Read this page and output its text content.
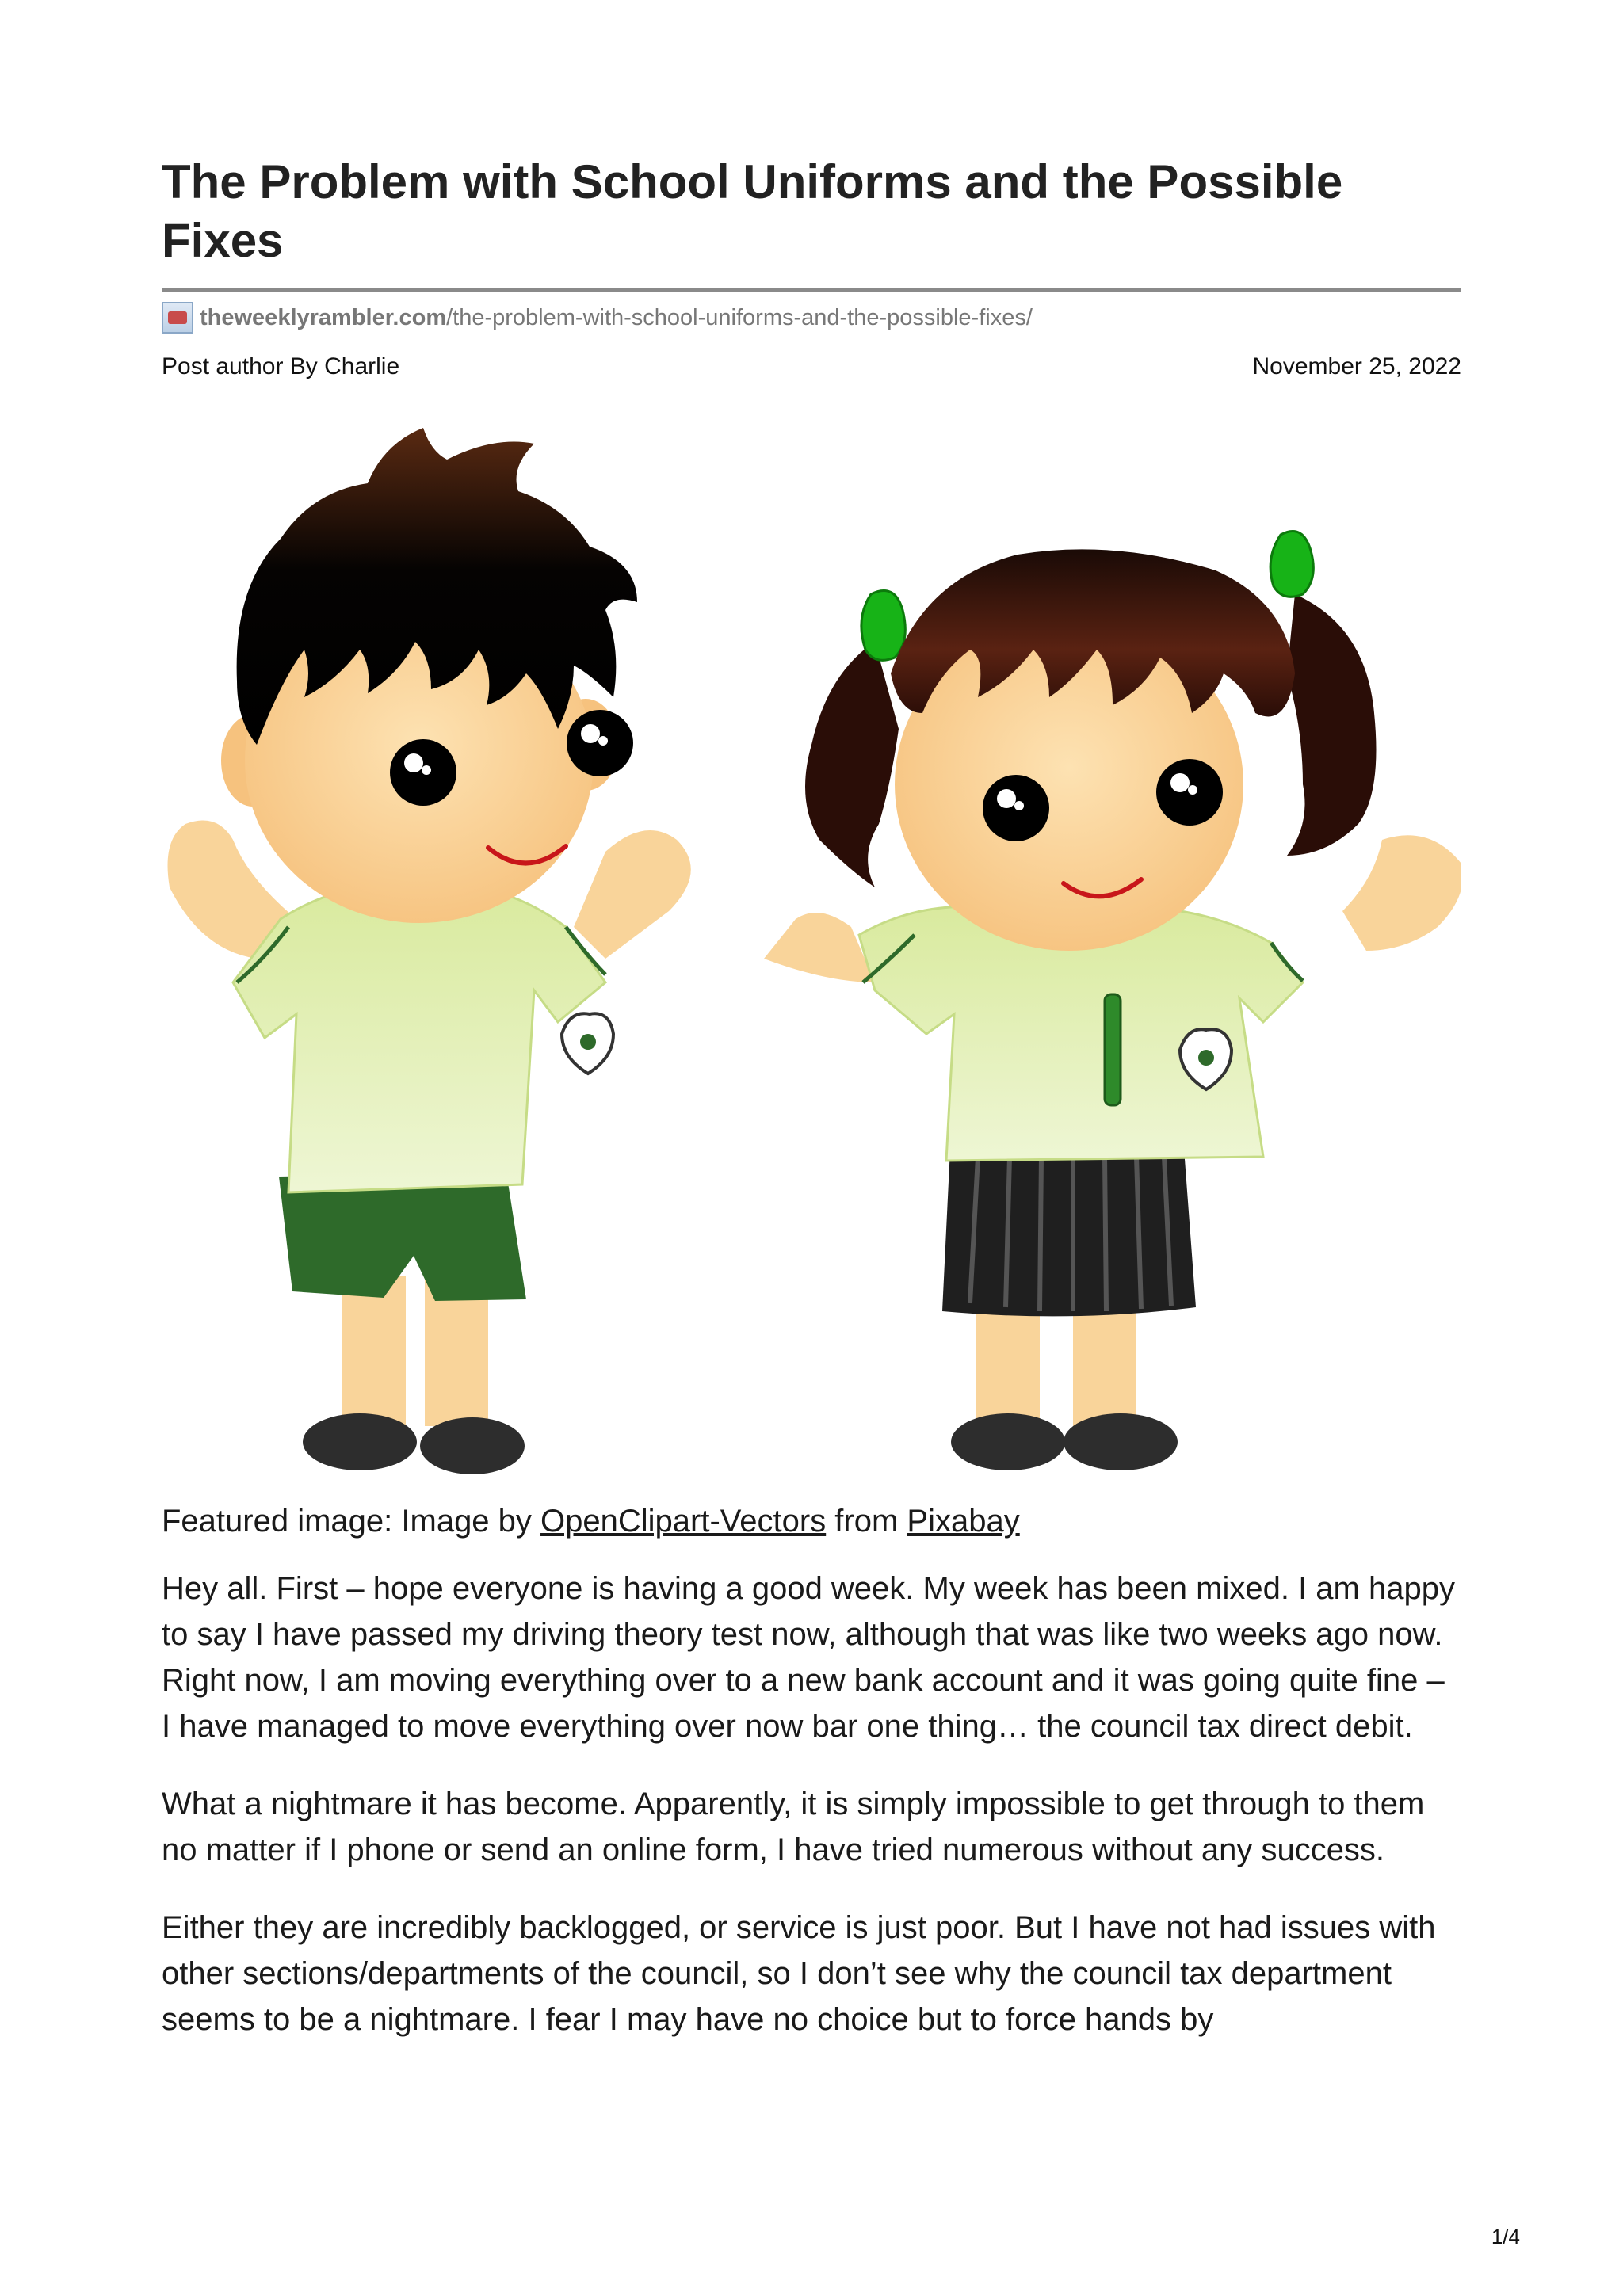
The Problem with School Uniforms and the Possible Fixes
theweeklyrambler.com /the-problem-with-school-uniforms-and-the-possible-fixes/
Post author By Charlie	November 25, 2022
Featured image: Image by OpenClipart-Vectors from Pixabay

Hey all. First – hope everyone is having a good week. My week has been mixed. I am happy to say I have passed my driving theory test now, although that was like two weeks ago now. Right now, I am moving everything over to a new bank account and it was going quite fine – I have managed to move everything over now bar one thing… the council tax direct debit.

What a nightmare it has become. Apparently, it is simply impossible to get through to them no matter if I phone or send an online form, I have tried numerous without any success.

Either they are incredibly backlogged, or service is just poor. But I have not had issues with other sections/departments of the council, so I don’t see why the council tax department seems to be a nightmare. I fear I may have no choice but to force hands by

1/4
